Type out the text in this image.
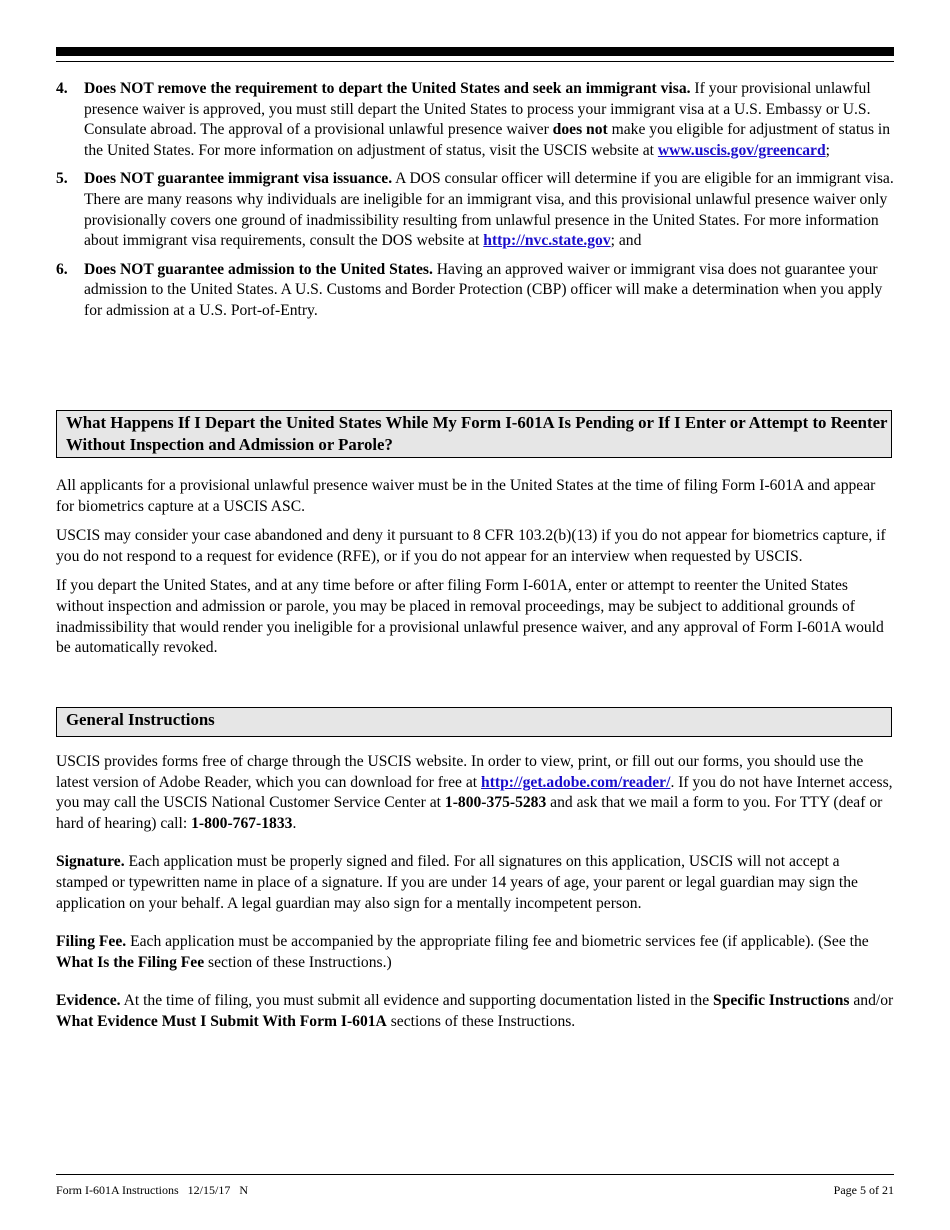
4. Does NOT remove the requirement to depart the United States and seek an immigrant visa. If your provisional unlawful presence waiver is approved, you must still depart the United States to process your immigrant visa at a U.S. Embassy or U.S. Consulate abroad. The approval of a provisional unlawful presence waiver does not make you eligible for adjustment of status in the United States. For more information on adjustment of status, visit the USCIS website at www.uscis.gov/greencard;

5. Does NOT guarantee immigrant visa issuance. A DOS consular officer will determine if you are eligible for an immigrant visa. There are many reasons why individuals are ineligible for an immigrant visa, and this provisional unlawful presence waiver only provisionally covers one ground of inadmissibility resulting from unlawful presence in the United States. For more information about immigrant visa requirements, consult the DOS website at http://nvc.state.gov; and

6. Does NOT guarantee admission to the United States. Having an approved waiver or immigrant visa does not guarantee your admission to the United States. A U.S. Customs and Border Protection (CBP) officer will make a determination when you apply for admission at a U.S. Port-of-Entry.

What Happens If I Depart the United States While My Form I-601A Is Pending or If I Enter or Attempt to Reenter Without Inspection and Admission or Parole?

All applicants for a provisional unlawful presence waiver must be in the United States at the time of filing Form I-601A and appear for biometrics capture at a USCIS ASC.

USCIS may consider your case abandoned and deny it pursuant to 8 CFR 103.2(b)(13) if you do not appear for biometrics capture, if you do not respond to a request for evidence (RFE), or if you do not appear for an interview when requested by USCIS.

If you depart the United States, and at any time before or after filing Form I-601A, enter or attempt to reenter the United States without inspection and admission or parole, you may be placed in removal proceedings, may be subject to additional grounds of inadmissibility that would render you ineligible for a provisional unlawful presence waiver, and any approval of Form I-601A would be automatically revoked.

General Instructions

USCIS provides forms free of charge through the USCIS website. In order to view, print, or fill out our forms, you should use the latest version of Adobe Reader, which you can download for free at http://get.adobe.com/reader/. If you do not have Internet access, you may call the USCIS National Customer Service Center at 1-800-375-5283 and ask that we mail a form to you. For TTY (deaf or hard of hearing) call: 1-800-767-1833.

Signature. Each application must be properly signed and filed. For all signatures on this application, USCIS will not accept a stamped or typewritten name in place of a signature. If you are under 14 years of age, your parent or legal guardian may sign the application on your behalf. A legal guardian may also sign for a mentally incompetent person.

Filing Fee. Each application must be accompanied by the appropriate filing fee and biometric services fee (if applicable). (See the What Is the Filing Fee section of these Instructions.)

Evidence. At the time of filing, you must submit all evidence and supporting documentation listed in the Specific Instructions and/or What Evidence Must I Submit With Form I-601A sections of these Instructions.

Form I-601A Instructions   12/15/17   N	Page 5 of 21
